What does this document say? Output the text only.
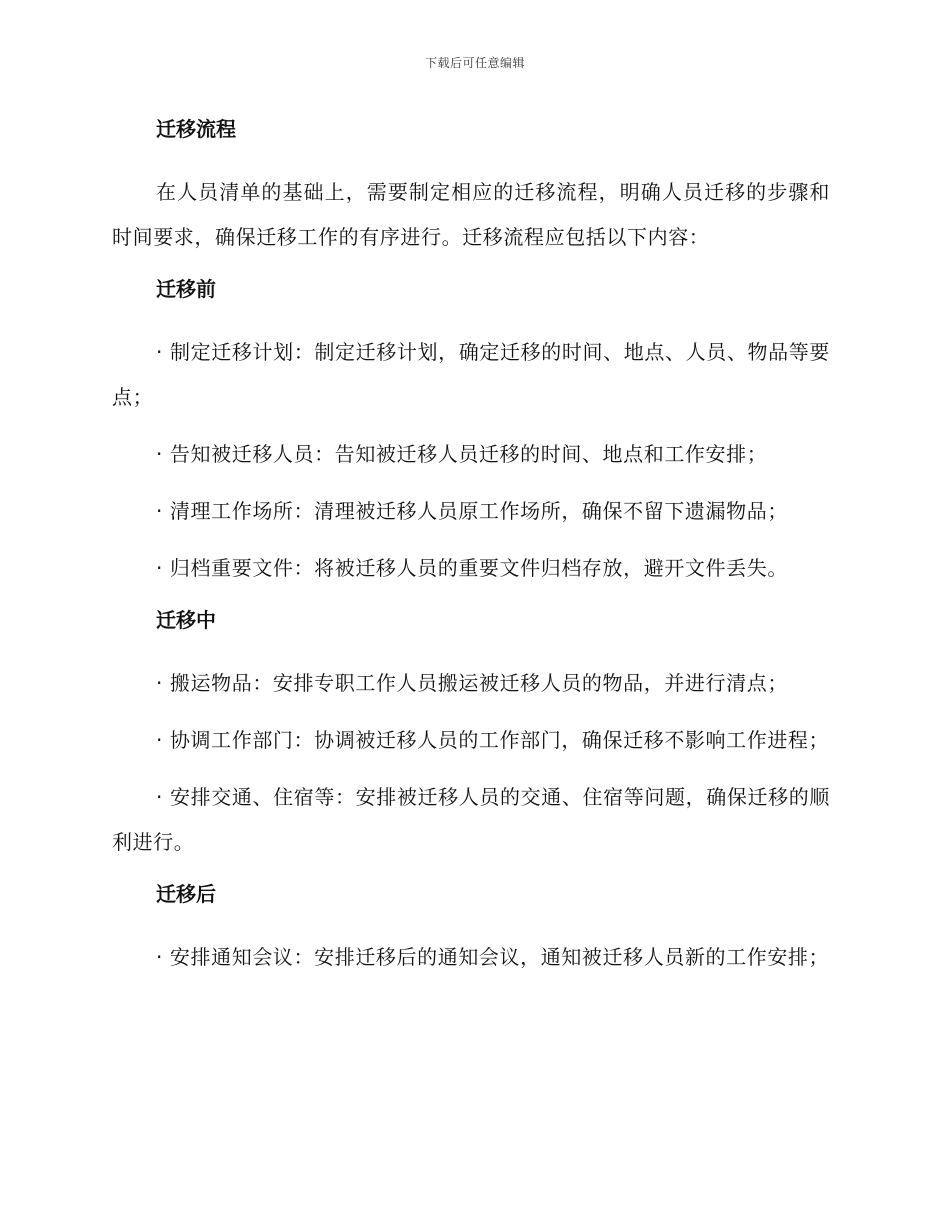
下载后可任意编辑
迁移流程

在人员清单的基础上，需要制定相应的迁移流程，明确人员迁移的步骤和时间要求，确保迁移工作的有序进行。迁移流程应包括以下内容：

迁移前

· 制定迁移计划：制定迁移计划，确定迁移的时间、地点、人员、物品等要点；

· 告知被迁移人员：告知被迁移人员迁移的时间、地点和工作安排；

· 清理工作场所：清理被迁移人员原工作场所，确保不留下遗漏物品；

· 归档重要文件：将被迁移人员的重要文件归档存放，避开文件丢失。

迁移中

· 搬运物品：安排专职工作人员搬运被迁移人员的物品，并进行清点；

· 协调工作部门：协调被迁移人员的工作部门，确保迁移不影响工作进程；

· 安排交通、住宿等：安排被迁移人员的交通、住宿等问题，确保迁移的顺利进行。

迁移后

· 安排通知会议：安排迁移后的通知会议，通知被迁移人员新的工作安排；
